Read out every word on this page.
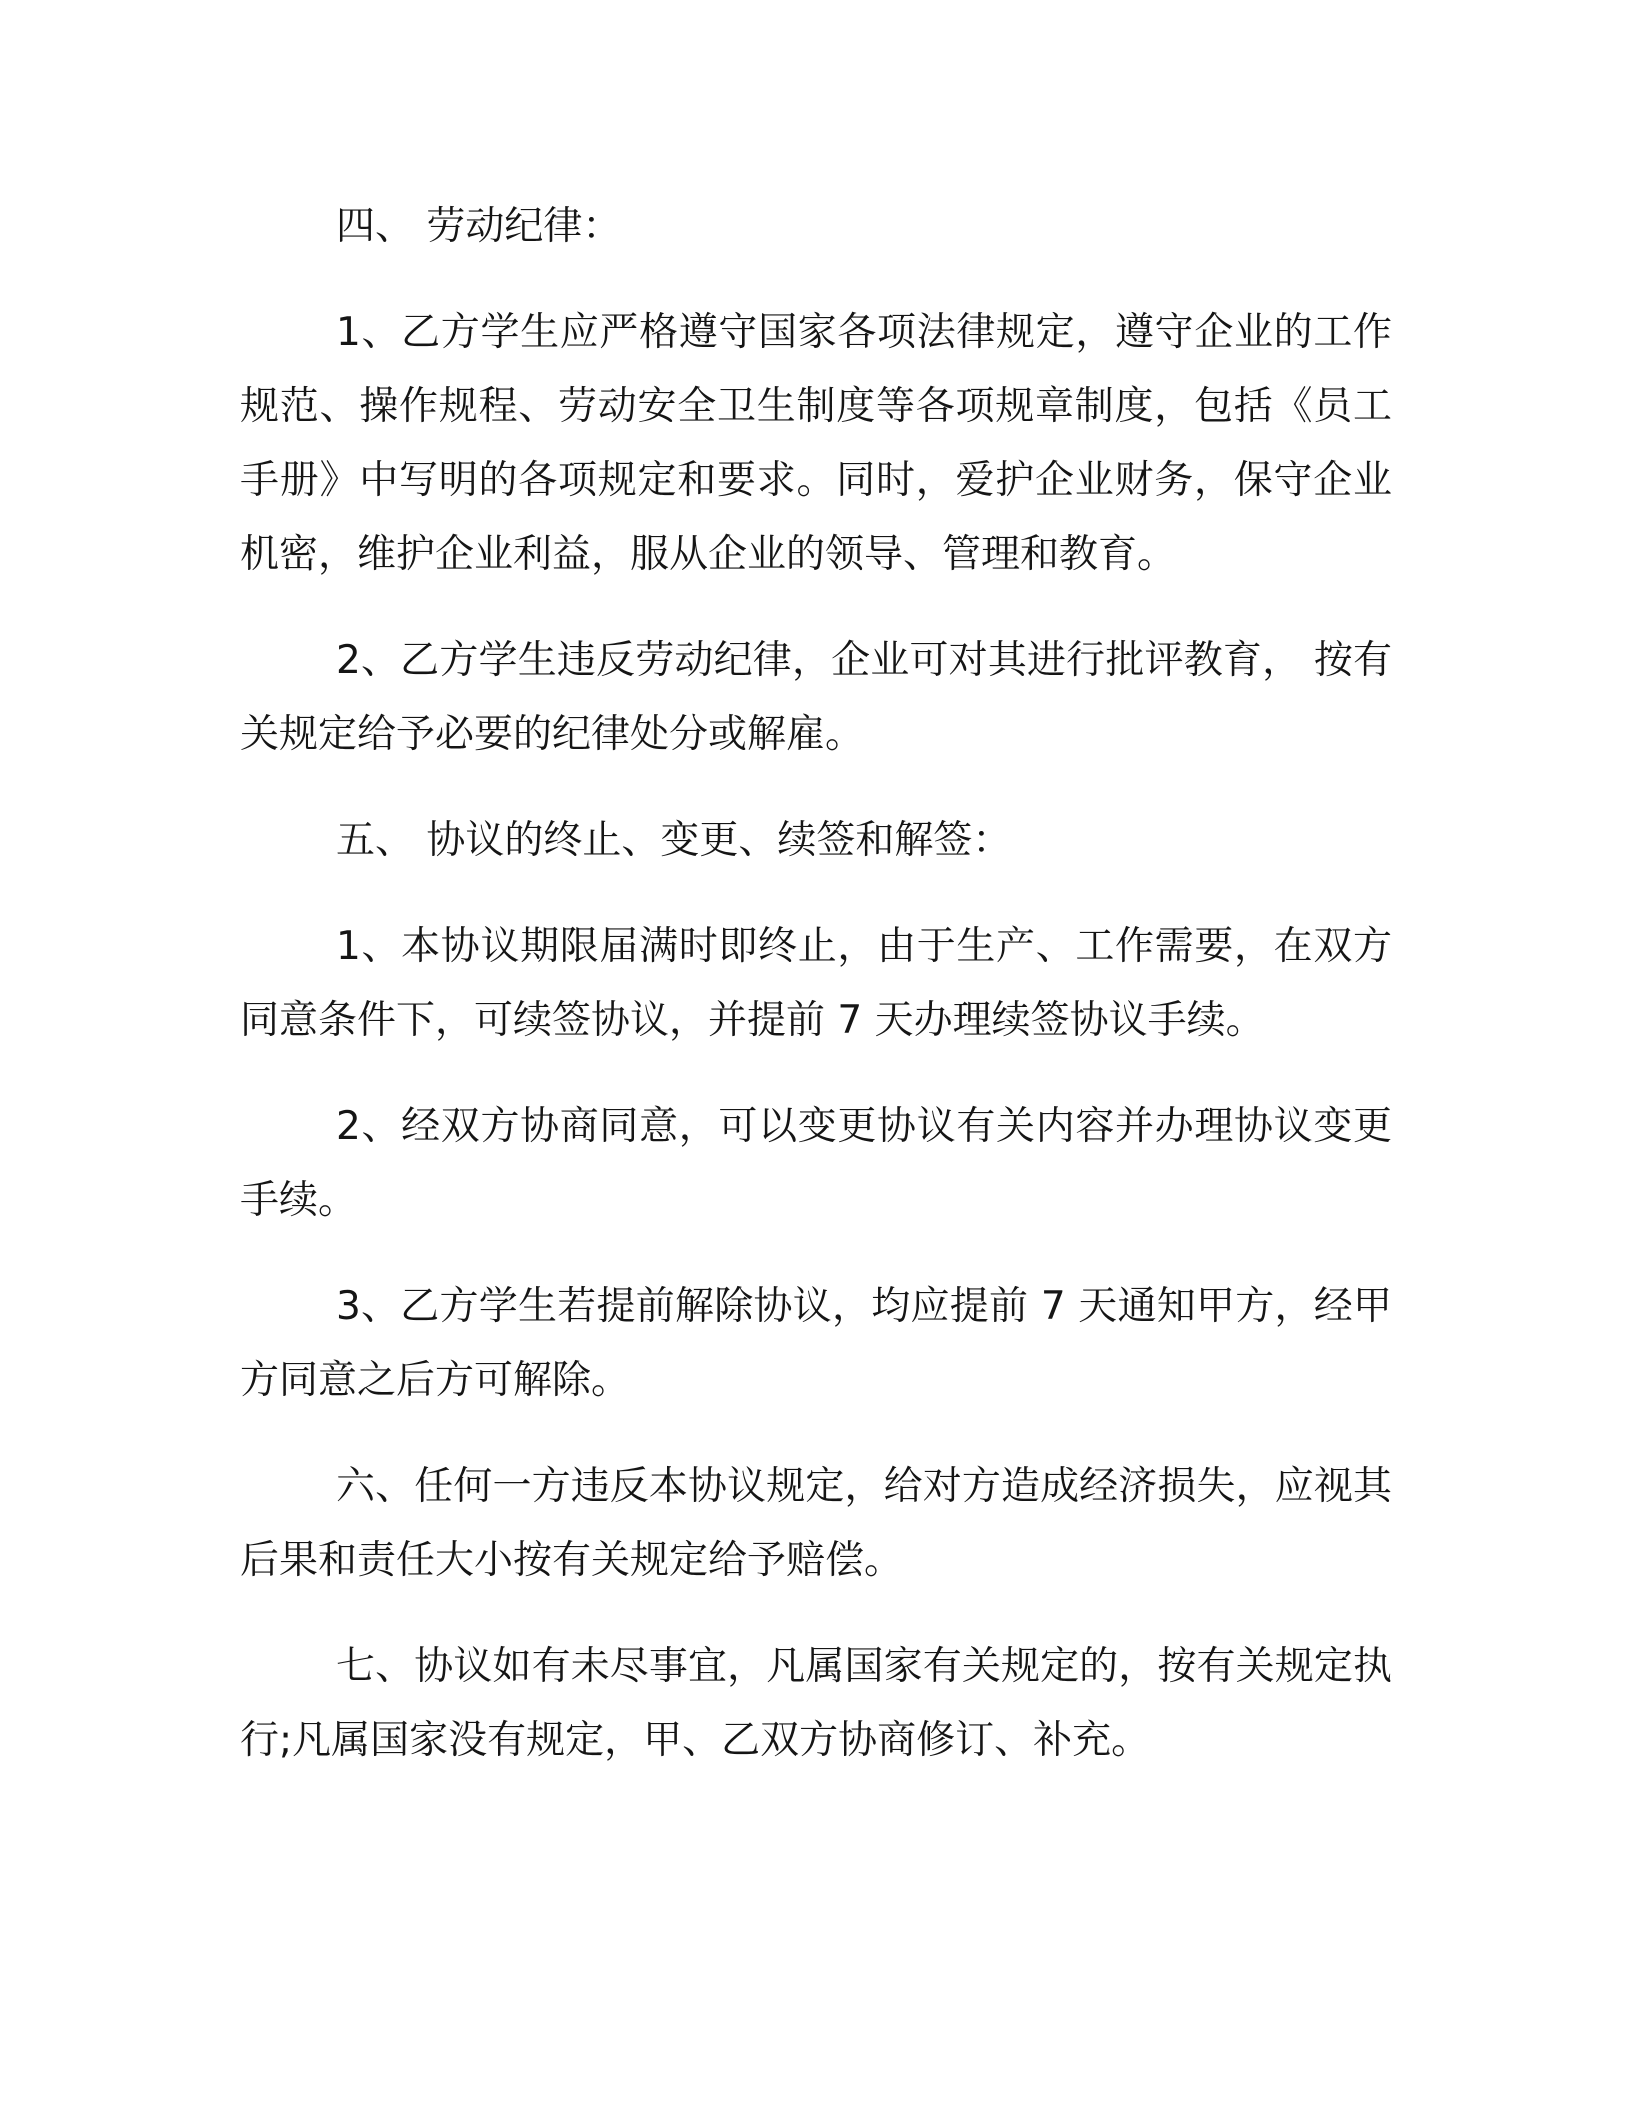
四、 劳动纪律：

1、乙方学生应严格遵守国家各项法律规定，遵守企业的工作规范、操作规程、劳动安全卫生制度等各项规章制度，包括《员工手册》中写明的各项规定和要求。同时，爱护企业财务，保守企业机密，维护企业利益，服从企业的领导、管理和教育。

2、乙方学生违反劳动纪律，企业可对其进行批评教育， 按有关规定给予必要的纪律处分或解雇。

五、 协议的终止、变更、续签和解签：

1、本协议期限届满时即终止，由于生产、工作需要，在双方同意条件下，可续签协议，并提前 7 天办理续签协议手续。

2、经双方协商同意，可以变更协议有关内容并办理协议变更手续。

3、乙方学生若提前解除协议，均应提前 7 天通知甲方，经甲方同意之后方可解除。

六、任何一方违反本协议规定，给对方造成经济损失，应视其后果和责任大小按有关规定给予赔偿。

七、协议如有未尽事宜，凡属国家有关规定的，按有关规定执行;凡属国家没有规定，甲、乙双方协商修订、补充。
